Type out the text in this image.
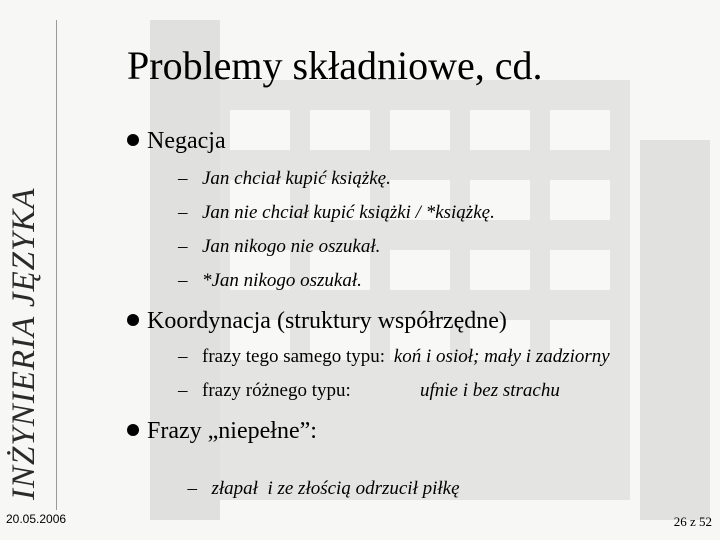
INŻYNIERIA JĘZYKA
Problemy składniowe, cd.
Negacja
– Jan chciał kupić książkę.
– Jan nie chciał kupić książki / *książkę.
– Jan nikogo nie oszukał.
– *Jan nikogo oszukał.
Koordynacja (struktury współrzędne)
– frazy tego samego typu: koń i osioł; mały i zadziorny
– frazy różnego typu:	ufnie i bez strachu
Frazy „niepełne”:

– złapał  i ze złością odrzucił piłkę

20.05.2006	26 z 52
